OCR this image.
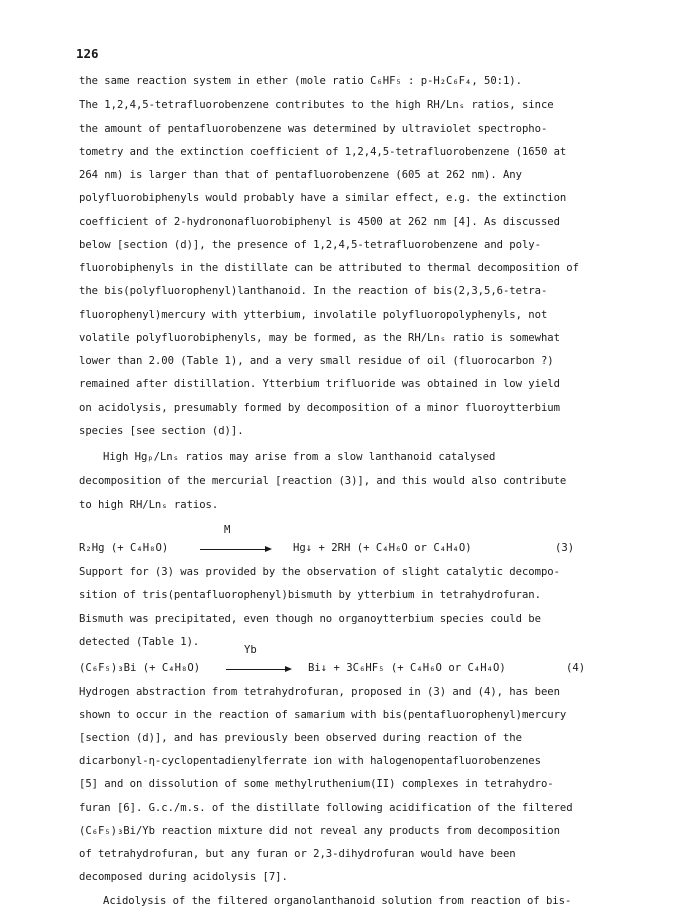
126
the same reaction system in ether (mole ratio C₆HF₅ : p-H₂C₆F₄, 50:1).
The 1,2,4,5-tetrafluorobenzene contributes to the high RH/Lnₛ ratios, since
the amount of pentafluorobenzene was determined by ultraviolet spectropho-
tometry and the extinction coefficient of 1,2,4,5-tetrafluorobenzene (1650 at
264 nm) is larger than that of pentafluorobenzene (605 at 262 nm). Any
polyfluorobiphenyls would probably have a similar effect, e.g. the extinction
coefficient of 2-hydrononafluorobiphenyl is 4500 at 262 nm [4]. As discussed
below [section (d)], the presence of 1,2,4,5-tetrafluorobenzene and poly-
fluorobiphenyls in the distillate can be attributed to thermal decomposition of
the bis(polyfluorophenyl)lanthanoid. In the reaction of bis(2,3,5,6-tetra-
fluorophenyl)mercury with ytterbium, involatile polyfluoropolyphenyls, not
volatile polyfluorobiphenyls, may be formed, as the RH/Lnₛ ratio is somewhat
lower than 2.00 (Table 1), and a very small residue of oil (fluorocarbon ?)
remained after distillation. Ytterbium trifluoride was obtained in low yield
on acidolysis, presumably formed by decomposition of a minor fluoroytterbium
species [see section (d)].
High Hgₚ/Lnₛ ratios may arise from a slow lanthanoid catalysed
decomposition of the mercurial [reaction (3)], and this would also contribute
to high RH/Lnₛ ratios.
R₂Hg (+ C₄H₈O)
M
Hg↓ + 2RH (+ C₄H₆O or C₄H₄O)	(3)
Support for (3) was provided by the observation of slight catalytic decompo-
sition of tris(pentafluorophenyl)bismuth by ytterbium in tetrahydrofuran.
Bismuth was precipitated, even though no organoytterbium species could be
detected (Table 1).
(C₆F₅)₃Bi (+ C₄H₈O)
Yb
→ Bi↓ + 3C₆HF₅ (+ C₄H₆O or C₄H₄O)	(4)
Hydrogen abstraction from tetrahydrofuran, proposed in (3) and (4), has been
shown to occur in the reaction of samarium with bis(pentafluorophenyl)mercury
[section (d)], and has previously been observed during reaction of the
dicarbonyl-η-cyclopentadienylferrate ion with halogenopentafluorobenzenes
[5] and on dissolution of some methylruthenium(II) complexes in tetrahydro-
furan [6]. G.c./m.s. of the distillate following acidification of the filtered
(C₆F₅)₃Bi/Yb reaction mixture did not reveal any products from decomposition
of tetrahydrofuran, but any furan or 2,3-dihydrofuran would have been
decomposed during acidolysis [7].
Acidolysis of the filtered organolanthanoid solution from reaction of bis-
